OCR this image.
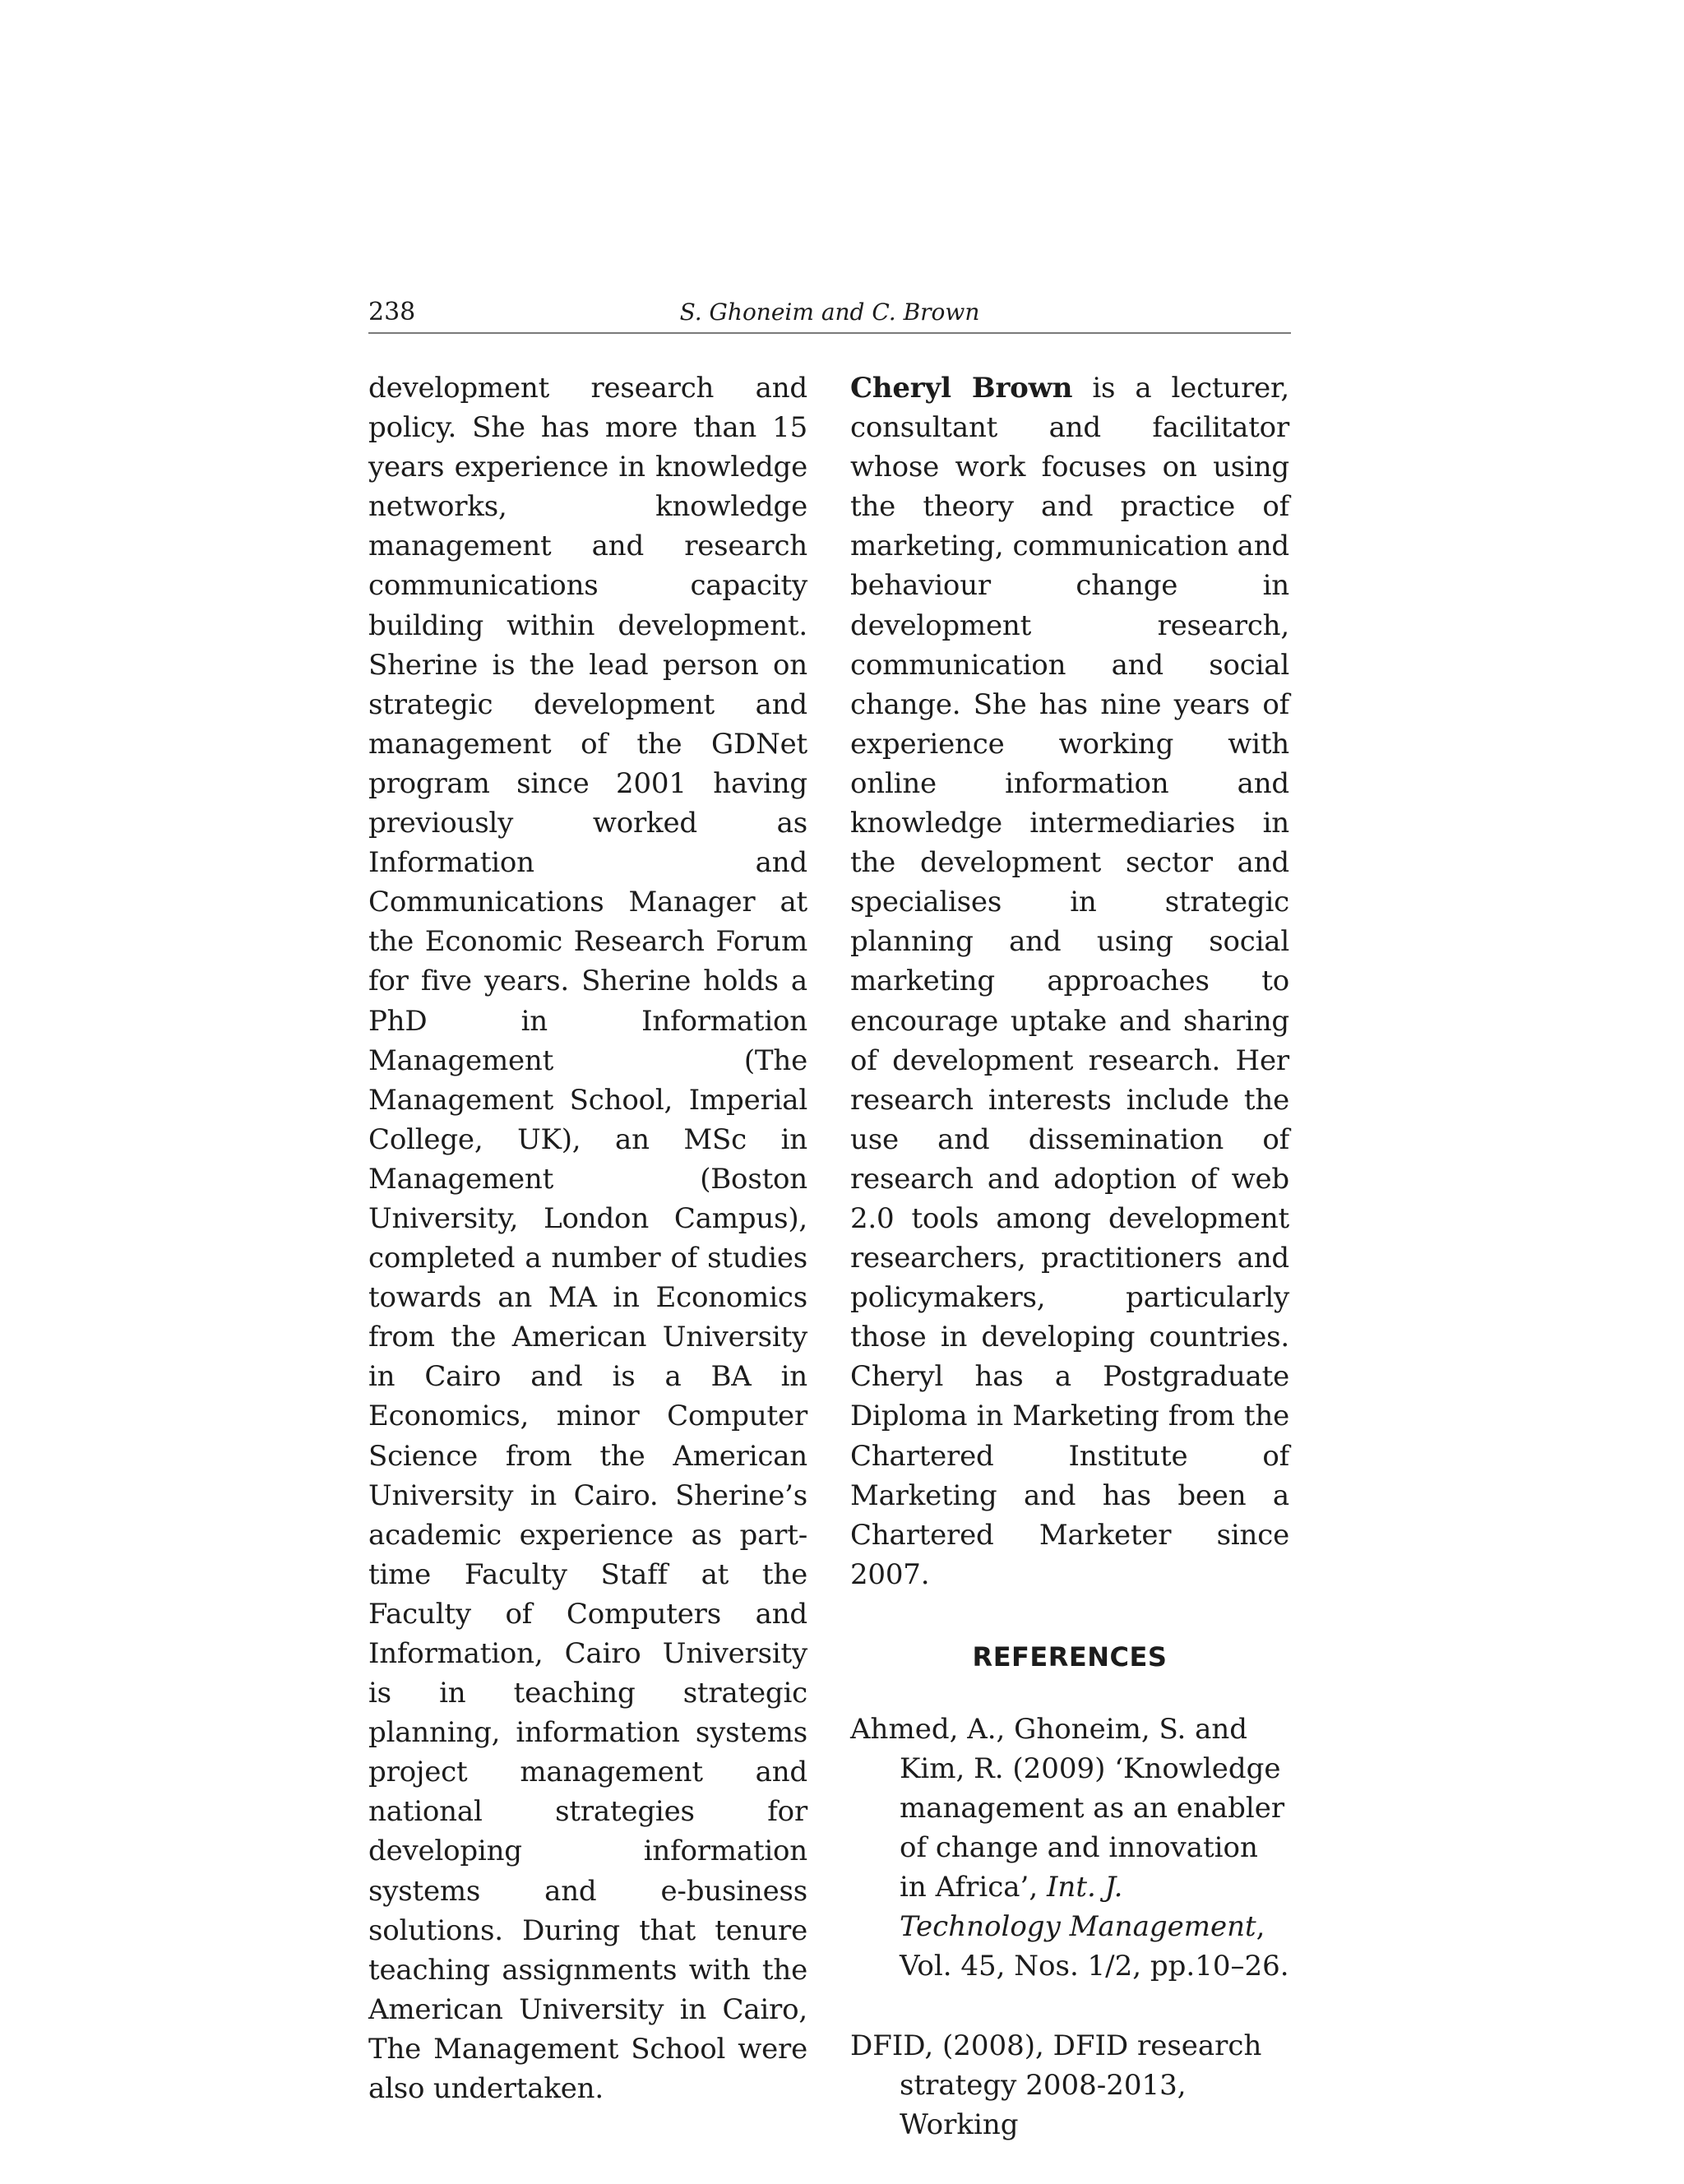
238	S. Ghoneim and C. Brown

development research and policy. She has more than 15 years experience in knowledge networks, knowledge management and research communications capacity building within development. Sherine is the lead person on strategic development and management of the GDNet program since 2001 having previously worked as Information and Communications Manager at the Economic Research Forum for five years. Sherine holds a PhD in Information Management (The Management School, Imperial College, UK), an MSc in Management (Boston University, London Campus), completed a number of studies towards an MA in Economics from the American University in Cairo and is a BA in Economics, minor Computer Science from the American University in Cairo. Sherine’s academic experience as part-time Faculty Staff at the Faculty of Computers and Information, Cairo University is in teaching strategic planning, information systems project management and national strategies for developing information systems and e-business solutions. During that tenure teaching assignments with the American University in Cairo, The Management School were also undertaken.

Cheryl Brown is a lecturer, consultant and facilitator whose work focuses on using the theory and practice of marketing, communication and behaviour change in development research, communication and social change. She has nine years of experience working with online information and knowledge intermediaries in the development sector and specialises in strategic planning and using social marketing approaches to encourage uptake and sharing of development research. Her research interests include the use and dissemination of research and adoption of web 2.0 tools among development researchers, practitioners and policymakers, particularly those in developing countries. Cheryl has a Postgraduate Diploma in Marketing from the Chartered Institute of Marketing and has been a Chartered Marketer since 2007.

REFERENCES

Ahmed, A., Ghoneim, S. and Kim, R. (2009) ‘Knowledge management as an enabler of change and innovation in Africa’, Int. J. Technology Management, Vol. 45, Nos. 1/2, pp.10–26.

DFID, (2008), DFID research strategy 2008-2013, Working
